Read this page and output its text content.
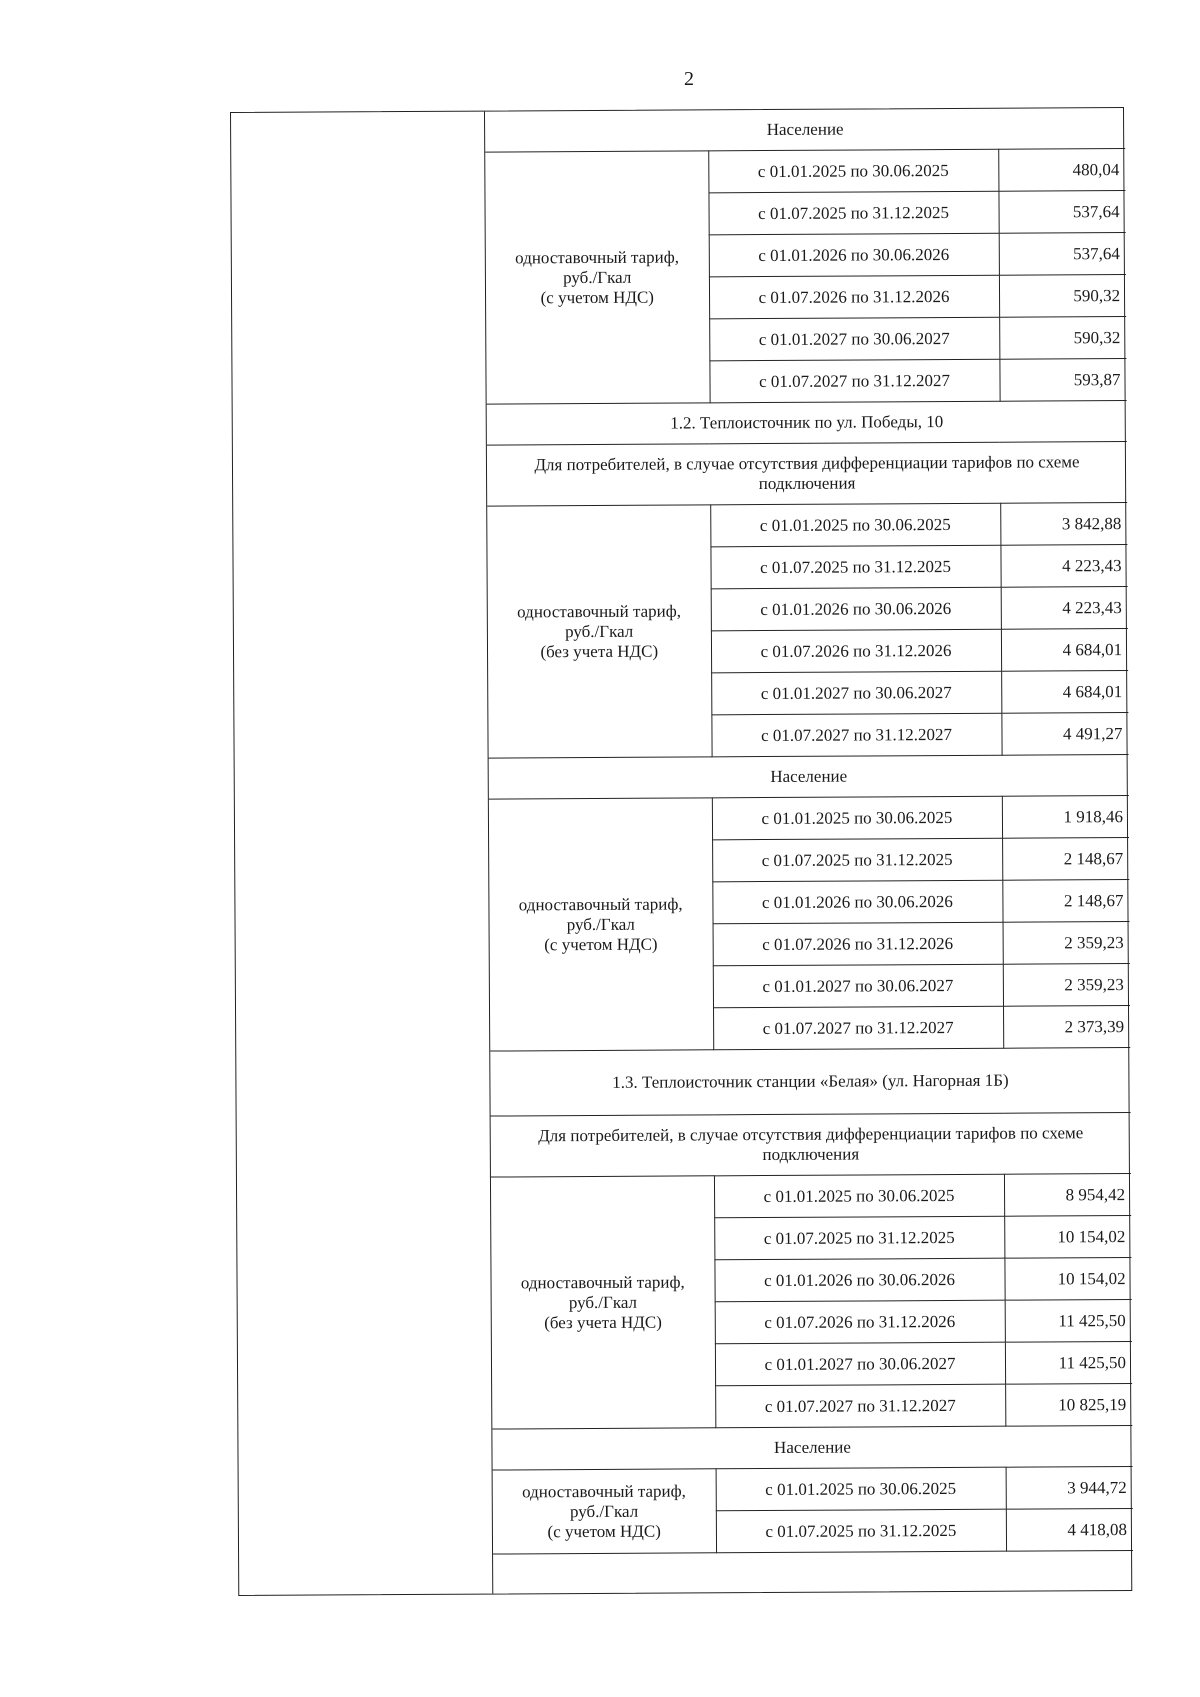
2
Население		

одноставочный тариф,
руб./Гкал
(с учетом НДС)	с 01.01.2025 по 30.06.2025	480,04
	с 01.07.2025 по 31.12.2025	537,64
	с 01.01.2026 по 30.06.2026	537,64
	с 01.07.2026 по 31.12.2026	590,32
	с 01.01.2027 по 30.06.2027	590,32
	с 01.07.2027 по 31.12.2027	593,87
1.2. Теплоисточник по ул. Победы, 10		
Для потребителей, в случае отсутствия дифференциации тарифов по схеме подключения		

одноставочный тариф,
руб./Гкал
(без учета НДС)	с 01.01.2025 по 30.06.2025	3 842,88
	с 01.07.2025 по 31.12.2025	4 223,43
	с 01.01.2026 по 30.06.2026	4 223,43
	с 01.07.2026 по 31.12.2026	4 684,01
	с 01.01.2027 по 30.06.2027	4 684,01
	с 01.07.2027 по 31.12.2027	4 491,27
Население		

одноставочный тариф,
руб./Гкал
(с учетом НДС)	с 01.01.2025 по 30.06.2025	1 918,46
	с 01.07.2025 по 31.12.2025	2 148,67
	с 01.01.2026 по 30.06.2026	2 148,67
	с 01.07.2026 по 31.12.2026	2 359,23
	с 01.01.2027 по 30.06.2027	2 359,23
	с 01.07.2027 по 31.12.2027	2 373,39
1.3. Теплоисточник станции «Белая» (ул. Нагорная 1Б)		
Для потребителей, в случае отсутствия дифференциации тарифов по схеме подключения		

одноставочный тариф,
руб./Гкал
(без учета НДС)	с 01.01.2025 по 30.06.2025	8 954,42
	с 01.07.2025 по 31.12.2025	10 154,02
	с 01.01.2026 по 30.06.2026	10 154,02
	с 01.07.2026 по 31.12.2026	11 425,50
	с 01.01.2027 по 30.06.2027	11 425,50
	с 01.07.2027 по 31.12.2027	10 825,19
Население		

одноставочный тариф,
руб./Гкал
(с учетом НДС)	с 01.01.2025 по 30.06.2025	3 944,72
	с 01.07.2025 по 31.12.2025	4 418,08
